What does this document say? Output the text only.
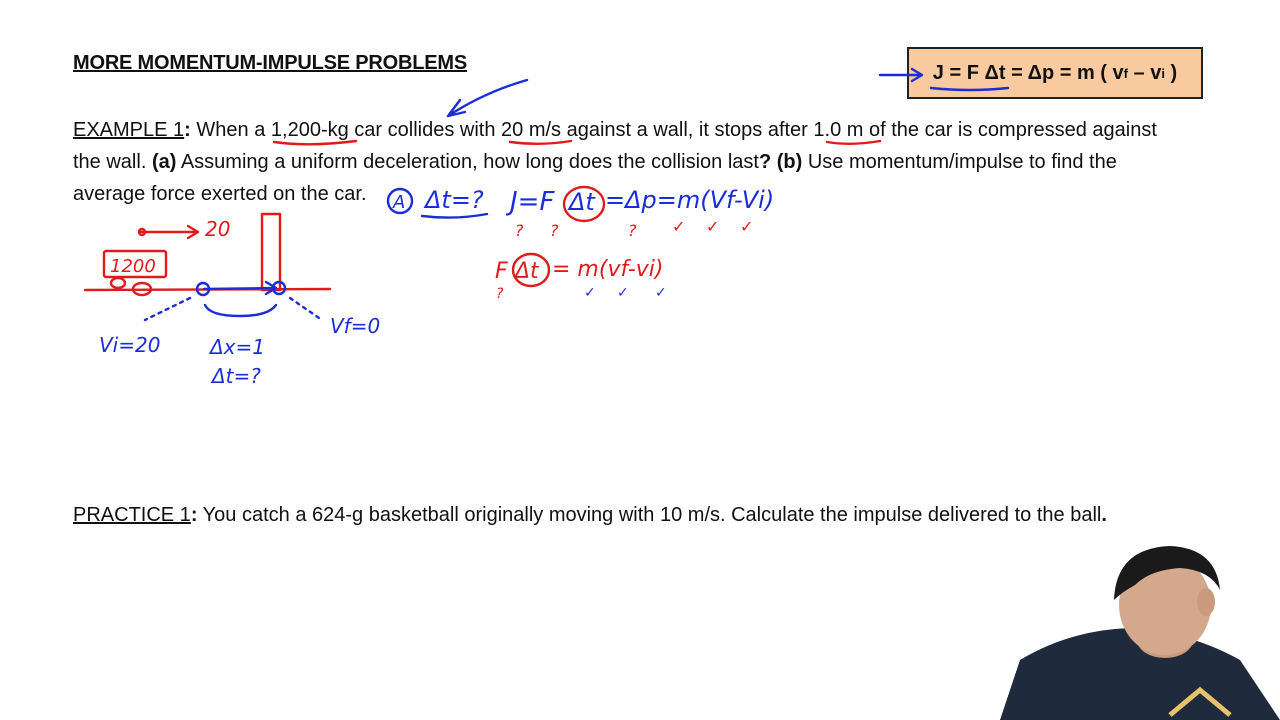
MORE MOMENTUM-IMPULSE PROBLEMS	J = F
Δt = Δp = m ( v f – v i )
EXAMPLE 1: When a 1,200-kg car collides with 20 m/s against a wall, it stops after 1.0 m of the car is compressed against
the wall. (a) Assuming a uniform deceleration, how long does the collision last? (b) Use momentum/impulse to find the
average force exerted on the car.
PRACTICE 1: You catch a 624-g basketball originally moving with 10 m/s. Calculate the impulse delivered to the ball.
A Δt=? J=F Δt =Δp=m(Vf-Vi)
? ?	? ✓ ✓ ✓
F Δt = m(vf-vi)
?	✓ ✓ ✓
20
1200
Vi=20
Vf=0
Δx=1
Δt=?
